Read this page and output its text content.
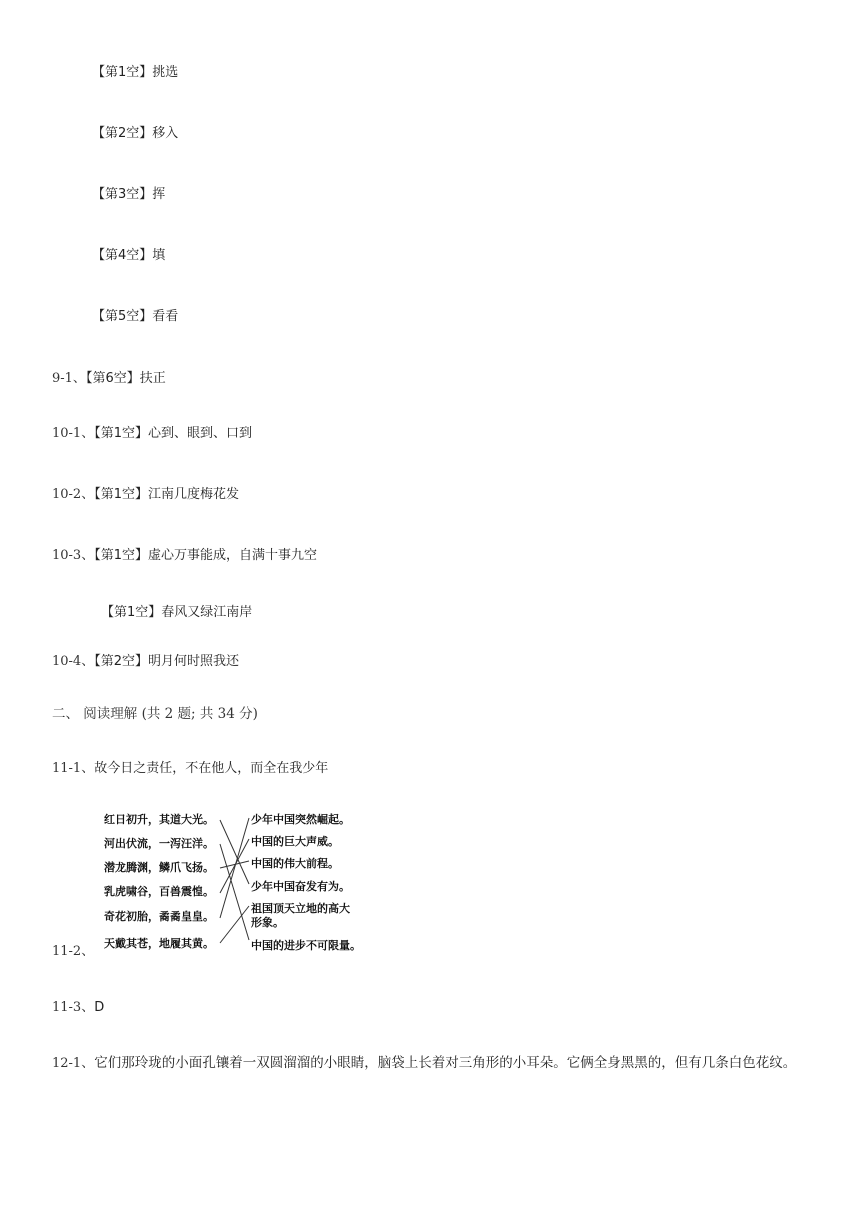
【第1空】挑选
【第2空】移入
【第3空】挥
【第4空】填
【第5空】看看
9-1、【第6空】扶正
10-1、【第1空】心到、眼到、口到
10-2、【第1空】江南几度梅花发
10-3、【第1空】虚心万事能成，自满十事九空
【第1空】春风又绿江南岸
10-4、【第2空】明月何时照我还
二、 阅读理解 (共 2 题; 共 34 分)
11-1、故今日之责任，不在他人，而全在我少年
红日初升，其道大光。
河出伏流，一泻汪洋。
潜龙腾渊，鳞爪飞扬。
乳虎啸谷，百兽震惶。
奇花初胎，矞矞皇皇。
天戴其苍，地履其黄。
少年中国突然崛起。
中国的巨大声威。
中国的伟大前程。
少年中国奋发有为。
祖国顶天立地的高大
形象。
中国的进步不可限量。
11-2、
11-3、D
12-1、它们那玲珑的小面孔镶着一双圆溜溜的小眼睛，脑袋上长着对三角形的小耳朵。它俩全身黑黑的，但有几条白色花纹。
